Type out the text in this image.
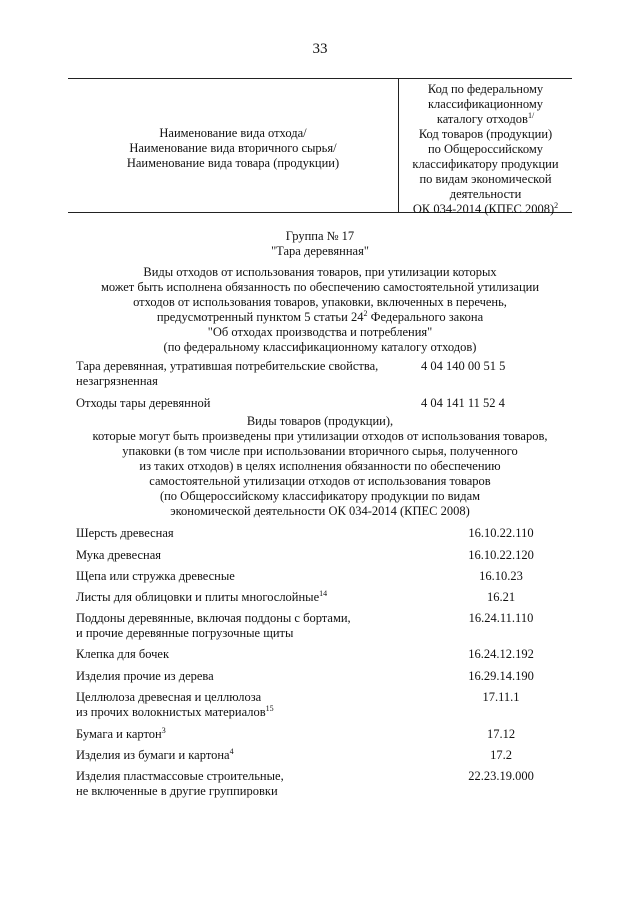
33
Наименование вида отхода/
Наименование вида вторичного сырья/
Наименование вида товара (продукции)
Код по федеральному
классификационному
каталогу отходов$^{1/}$
Код товаров (продукции)
по Общероссийскому
классификатору продукции
по видам экономической
деятельности
ОК 034-2014 (КПЕС 2008)$^2$
Группа № 17
"Тара деревянная"
Виды отходов от использования товаров, при утилизации которых
может быть исполнена обязанность по обеспечению самостоятельной утилизации
отходов от использования товаров, упаковки, включенных в перечень,
предусмотренный пунктом 5 статьи $24^2$ Федерального закона
"Об отходах производства и потребления"
(по федеральному классификационному каталогу отходов)
Тара деревянная, утратившая потребительские свойства,
незагрязненная
4 04 140 00 51 5
Отходы тары деревянной	4 04 141 11 52 4
Виды товаров (продукции),
которые могут быть произведены при утилизации отходов от использования товаров,
упаковки (в том числе при использовании вторичного сырья, полученного
из таких отходов) в целях исполнения обязанности по обеспечению
самостоятельной утилизации отходов от использования товаров
(по Общероссийскому классификатору продукции по видам
экономической деятельности ОК 034-2014 (КПЕС 2008)
Шерсть древесная	16.10.22.110
Мука древесная	16.10.22.120
Щепа или стружка древесные	16.10.23
Листы для облицовки и плиты многослойные$^{14}$	16.21
Поддоны деревянные, включая поддоны с бортами,
и прочие деревянные погрузочные щиты
16.24.11.110
Клепка для бочек	16.24.12.192
Изделия прочие из дерева	16.29.14.190
Целлюлоза древесная и целлюлоза
из прочих волокнистых материалов$^{15}$
17.11.1
Бумага и картон$^3$	17.12
Изделия из бумаги и картона$^4$	17.2
Изделия пластмассовые строительные,
не включенные в другие группировки
22.23.19.000
